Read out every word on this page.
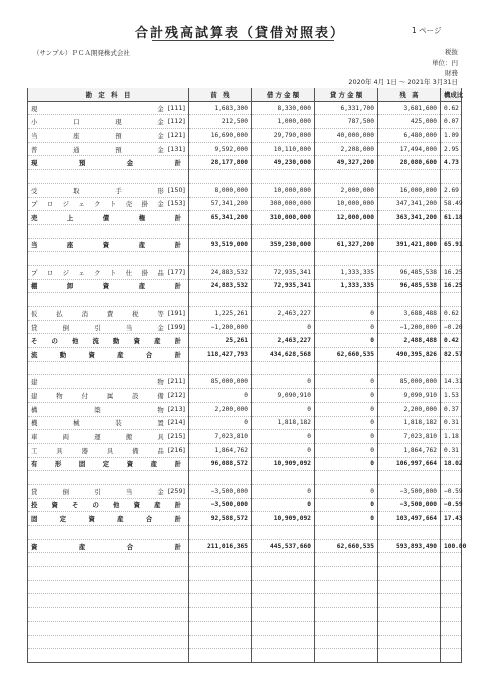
合計残高試算表（貸借対照表）	1 ページ
（サンプル）ＰＣＡ開発株式会社	税抜
単位：円
財務
2020年 4月 1日 ～ 2021年 3月31日
勘　定　科　目	前　残	借 方 金 額	貸 方 金 額	残　高	構成比

現金 [111]	1,683,300	8,330,000	6,331,700	3,681,600	0.62

小口現金 [112]	212,500	1,000,000	787,500	425,000	0.07

当座預金 [121]	16,690,000	29,790,000	40,000,000	6,480,000	1.09

普通預金 [131]	9,592,000	10,110,000	2,208,000	17,494,000	2.95

現預金計	28,177,800	49,230,000	49,327,200	28,080,600	4.73

受取手形 [150]	8,000,000	10,000,000	2,000,000	16,000,000	2.69

プロジェクト売掛金 [153]	57,341,200	300,000,000	10,000,000	347,341,200	58.49

売上債権計	65,341,200	310,000,000	12,000,000	363,341,200	61.18

当座資産計	93,519,000	359,230,000	61,327,200	391,421,800	65.91

プロジェクト仕掛品 [177]	24,883,532	72,935,341	1,333,335	96,485,538	16.25

棚卸資産計	24,883,532	72,935,341	1,333,335	96,485,538	16.25

仮払消費税等 [191]	1,225,261	2,463,227	0	3,688,488	0.62

貸倒引当金 [199]	−1,200,000	0	0	−1,200,000	−0.20

その他流動資産計	25,261	2,463,227	0	2,488,488	0.42

流動資産合計	118,427,793	434,628,568	62,660,535	490,395,826	82.57

建物 [211]	85,000,000	0	0	85,000,000	14.31

建物付属設備 [212]	0	9,090,910	0	9,090,910	1.53

構築物 [213]	2,200,000	0	0	2,200,000	0.37

機械装置 [214]	0	1,818,182	0	1,818,182	0.31

車両運搬具 [215]	7,023,810	0	0	7,023,810	1.18

工具器具備品 [216]	1,864,762	0	0	1,864,762	0.31

有形固定資産計	96,088,572	10,909,092	0	106,997,664	18.02

貸倒引当金 [259]	−3,500,000	0	0	−3,500,000	−0.59

投資その他資産計	−3,500,000	0	0	−3,500,000	−0.59

固定資産合計	92,588,572	10,909,092	0	103,497,664	17.43

資産合計	211,016,365	445,537,660	62,660,535	593,893,490	100.00
